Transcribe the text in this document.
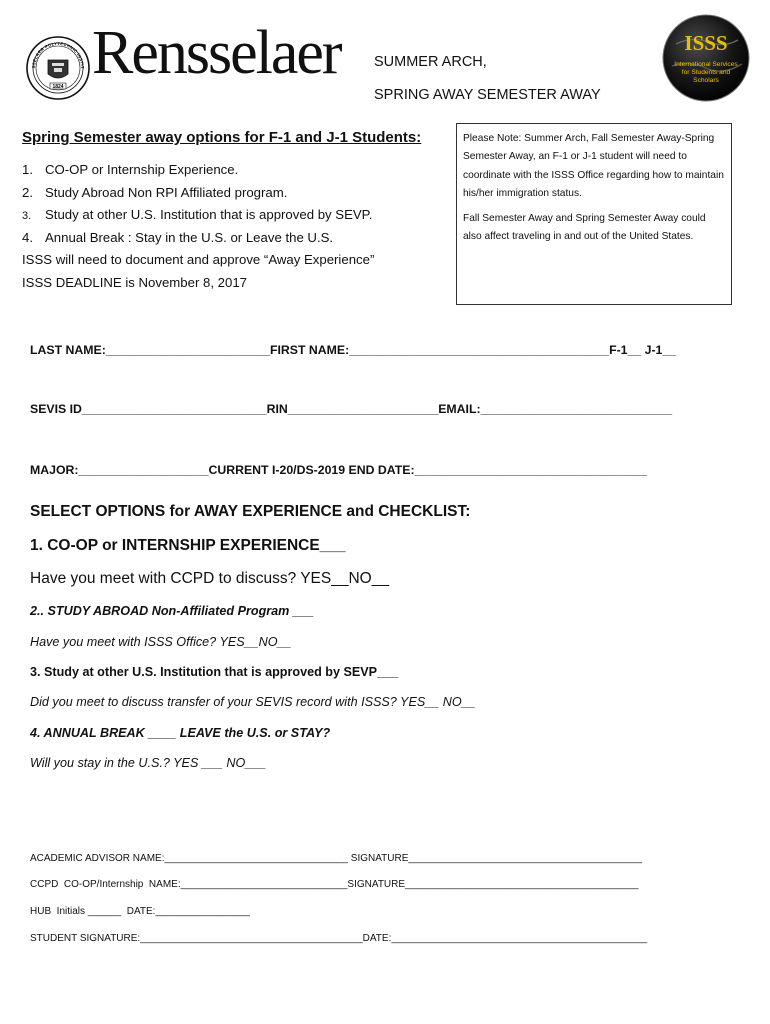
1824
SSELAER POLYTECHNIC INSTIT Rensselaer SUMMER ARCH,
SPRING AWAY SEMESTER AWAY
ISSS
International Services
for Students and
Scholars
Spring Semester away options for F-1 and J-1 Students:
1. CO-OP or Internship Experience.
2. Study Abroad Non RPI Affiliated program.
3. Study at other U.S. Institution that is approved by SEVP.
4. Annual Break : Stay in the U.S. or Leave the U.S.
ISSS will need to document and approve “Away Experience”
ISSS DEADLINE is November 8, 2017

Please Note: Summer Arch, Fall Semester Away-Spring Semester Away, an F-1 or J-1 student will need to coordinate with the ISSS Office regarding how to maintain his/her immigration status.

Fall Semester Away and Spring Semester Away could also affect traveling in and out of the United States.

LAST NAME:________________________FIRST NAME:______________________________________F-1__ J-1__
SEVIS ID___________________________RIN______________________EMAIL:____________________________
MAJOR:___________________CURRENT I-20/DS-2019 END DATE:__________________________________
SELECT OPTIONS for AWAY EXPERIENCE and CHECKLIST:
1. CO-OP or INTERNSHIP EXPERIENCE___
Have you meet with CCPD to discuss? YES__NO__
2.. STUDY ABROAD Non-Affiliated Program ___
Have you meet with ISSS Office? YES__NO__
3. Study at other U.S. Institution that is approved by SEVP___
Did you meet to discuss transfer of your SEVIS record with ISSS? YES__ NO__
4. ANNUAL BREAK ____ LEAVE the U.S. or STAY?
Will you stay in the U.S.? YES ___ NO___
ACADEMIC ADVISOR NAME:_________________________________ SIGNATURE__________________________________________
CCPD  CO-OP/Internship  NAME:______________________________SIGNATURE__________________________________________
HUB  Initials ______  DATE:_________________
STUDENT SIGNATURE:________________________________________DATE:______________________________________________
